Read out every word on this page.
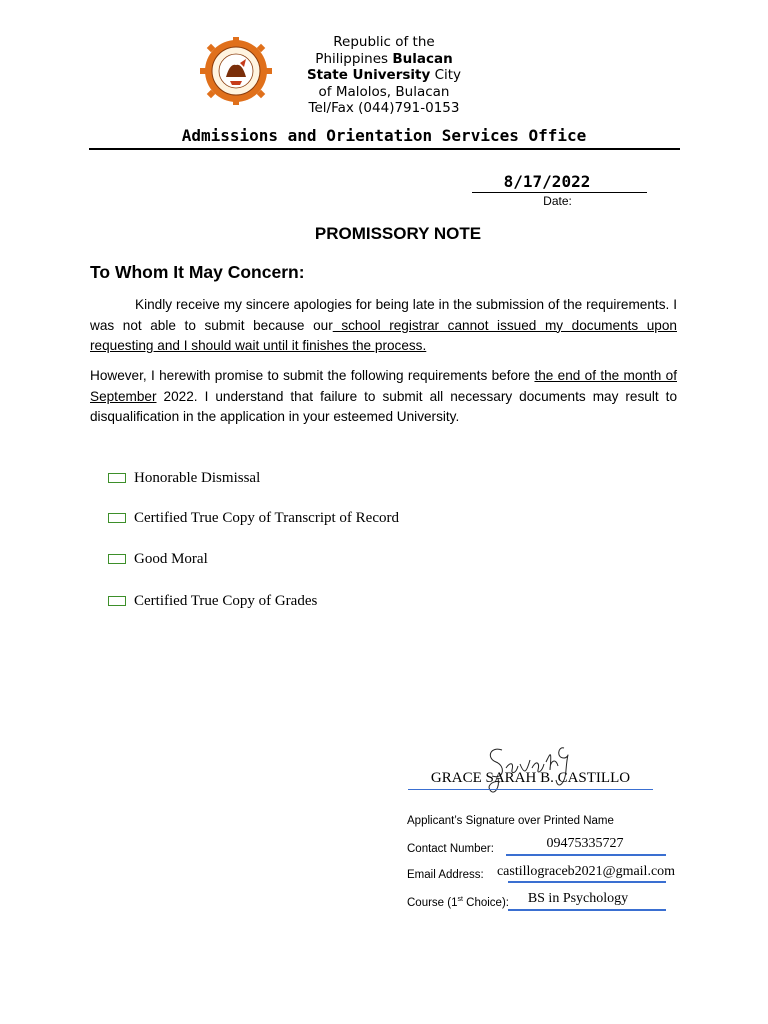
Republic of the
Philippines Bulacan
State University City
of Malolos, Bulacan
Tel/Fax (044)791-0153
Admissions and Orientation Services Office
8/17/2022
Date:
PROMISSORY NOTE
To Whom It May Concern:
Kindly receive my sincere apologies for being late in the submission of the requirements. I was not able to submit because our school registrar cannot issued my documents upon requesting and I should wait until it finishes the process.
However, I herewith promise to submit the following requirements before the end of the month of September 2022. I understand that failure to submit all necessary documents may result to disqualification in the application in your esteemed University.
Honorable Dismissal
Certified True Copy of Transcript of Record
Good Moral
Certified True Copy of Grades
GRACE SARAH B. CASTILLO
Applicant’s Signature over Printed Name
Contact Number:	09475335727
Email Address: castillograceb2021@gmail.com
Course (1st Choice):	BS in Psychology
